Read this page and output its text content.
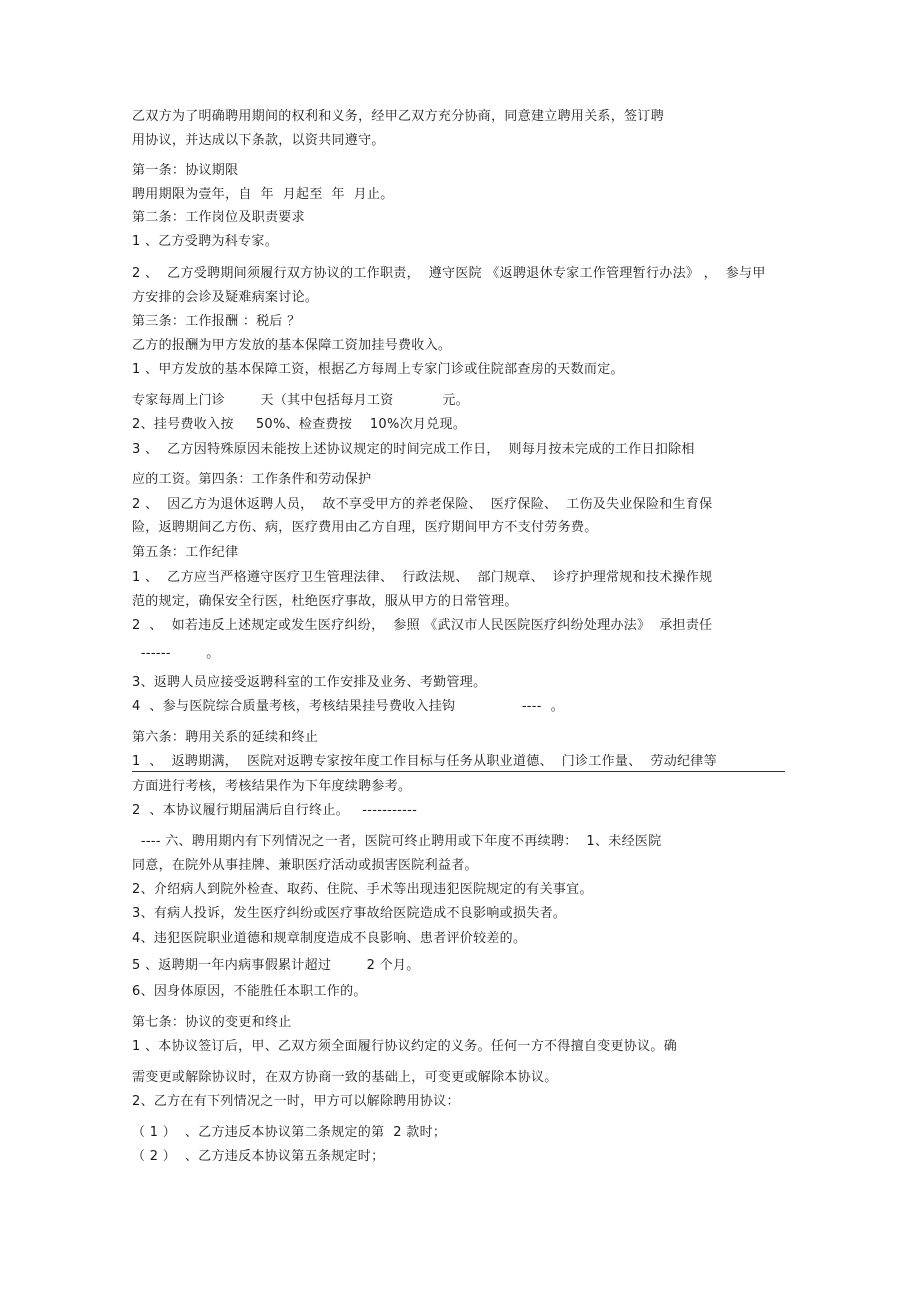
乙双方为了明确聘用期间的权利和义务，经甲乙双方充分协商，同意建立聘用关系，签订聘
用协议，并达成以下条款，以资共同遵守。
第一条：协议期限
聘用期限为壹年，自  年  月起至  年  月止。
第二条：工作岗位及职责要求
1 、乙方受聘为科专家。
2 、  乙方受聘期间须履行双方协议的工作职责，  遵守医院 《返聘退休专家工作管理暂行办法》 ，  参与甲
方安排的会诊及疑难病案讨论。
第三条：工作报酬 ：税后 ？
乙方的报酬为甲方发放的基本保障工资加挂号费收入。
1 、甲方发放的基本保障工资，根据乙方每周上专家门诊或住院部查房的天数而定。
专家每周上门诊        天（其中包括每月工资           元。
2、挂号费收入按     50%、检查费按    10%次月兑现。
3 、  乙方因特殊原因未能按上述协议规定的时间完成工作日，  则每月按未完成的工作日扣除相
应的工资。第四条：工作条件和劳动保护
2 、  因乙方为退休返聘人员，  故不享受甲方的养老保险、  医疗保险、  工伤及失业保险和生育保
险，返聘期间乙方伤、病，医疗费用由乙方自理，医疗期间甲方不支付劳务费。
第五条：工作纪律
1 、  乙方应当严格遵守医疗卫生管理法律、  行政法规、  部门规章、  诊疗护理常规和技术操作规
范的规定，确保安全行医，杜绝医疗事故，服从甲方的日常管理。
2  、  如若违反上述规定或发生医疗纠纷，  参照 《武汉市人民医院医疗纠纷处理办法》  承担责任
------        。
3、返聘人员应接受返聘科室的工作安排及业务、考勤管理。
4  、参与医院综合质量考核，考核结果挂号费收入挂钩               ----  。
第六条：聘用关系的延续和终止
1  、  返聘期满，  医院对返聘专家按年度工作目标与任务从职业道德、  门诊工作量、  劳动纪律等
方面进行考核，考核结果作为下年度续聘参考。
2  、本协议履行期届满后自行终止。   -----------
---- 六、聘用期内有下列情况之一者，医院可终止聘用或下年度不再续聘：  1、未经医院
同意，在院外从事挂牌、兼职医疗活动或损害医院利益者。
2、介绍病人到院外检查、取药、住院、手术等出现违犯医院规定的有关事宜。
3、有病人投诉，发生医疗纠纷或医疗事故给医院造成不良影响或损失者。
4、违犯医院职业道德和规章制度造成不良影响、患者评价较差的。
5 、返聘期一年内病事假累计超过        2 个月。
6、因身体原因，不能胜任本职工作的。
第七条：协议的变更和终止
1 、本协议签订后，甲、乙双方须全面履行协议约定的义务。任何一方不得擅自变更协议。确
需变更或解除协议时，在双方协商一致的基础上，可变更或解除本协议。
2、乙方在有下列情况之一时，甲方可以解除聘用协议：
（ 1 ）  、乙方违反本协议第二条规定的第  2 款时；
（ 2 ）  、乙方违反本协议第五条规定时；
